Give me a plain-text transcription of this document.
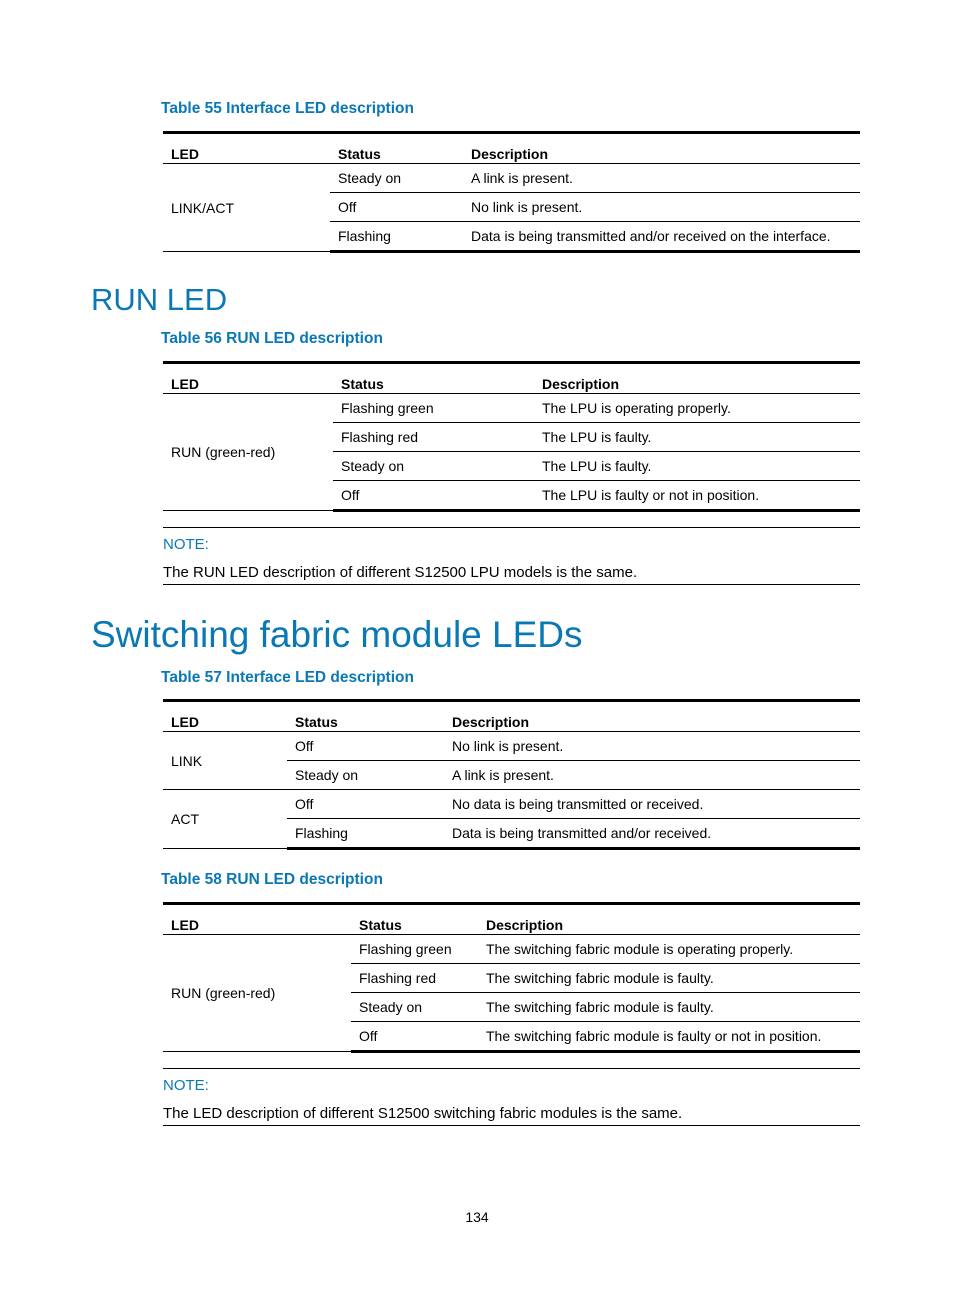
Table 55 Interface LED description
LED	Status	Description
LINK/ACT	Steady on	A link is present.
	Off	No link is present.
	Flashing	Data is being transmitted and/or received on the interface.
RUN LED
Table 56 RUN LED description
LED	Status	Description
RUN (green-red)	Flashing green	The LPU is operating properly.
	Flashing red	The LPU is faulty.
	Steady on	The LPU is faulty.
	Off	The LPU is faulty or not in position.
NOTE:
The RUN LED description of different S12500 LPU models is the same.
Switching fabric module LEDs
Table 57 Interface LED description
LED	Status	Description
LINK	Off	No link is present.
	Steady on	A link is present.
ACT	Off	No data is being transmitted or received.
	Flashing	Data is being transmitted and/or received.
Table 58 RUN LED description
LED	Status	Description
RUN (green-red)	Flashing green	The switching fabric module is operating properly.
	Flashing red	The switching fabric module is faulty.
	Steady on	The switching fabric module is faulty.
	Off	The switching fabric module is faulty or not in position.
NOTE:
The LED description of different S12500 switching fabric modules is the same.
134
